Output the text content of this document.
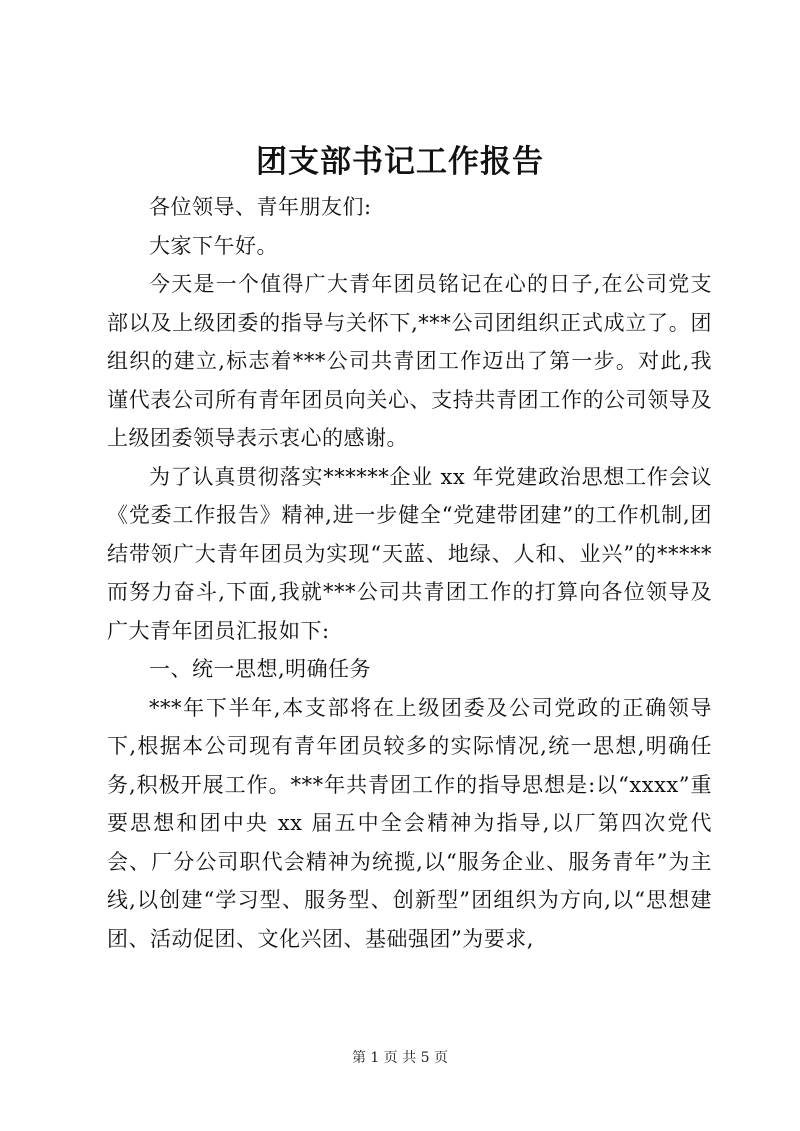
团支部书记工作报告

各位领导、青年朋友们:

大家下午好。

今天是一个值得广大青年团员铭记在心的日子,在公司党支部以及上级团委的指导与关怀下,***公司团组织正式成立了。团组织的建立,标志着***公司共青团工作迈出了第一步。对此,我谨代表公司所有青年团员向关心、支持共青团工作的公司领导及上级团委领导表示衷心的感谢。

为了认真贯彻落实******企业 xx 年党建政治思想工作会议《党委工作报告》精神,进一步健全“党建带团建”的工作机制,团结带领广大青年团员为实现“天蓝、地绿、人和、业兴”的*****而努力奋斗,下面,我就***公司共青团工作的打算向各位领导及广大青年团员汇报如下:

一、统一思想,明确任务

***年下半年,本支部将在上级团委及公司党政的正确领导下,根据本公司现有青年团员较多的实际情况,统一思想,明确任务,积极开展工作。***年共青团工作的指导思想是:以“xxxx”重要思想和团中央 xx 届五中全会精神为指导,以厂第四次党代会、厂分公司职代会精神为统揽,以“服务企业、服务青年”为主线,以创建“学习型、服务型、创新型”团组织为方向,以“思想建团、活动促团、文化兴团、基础强团”为要求,

第 1 页 共 5 页
